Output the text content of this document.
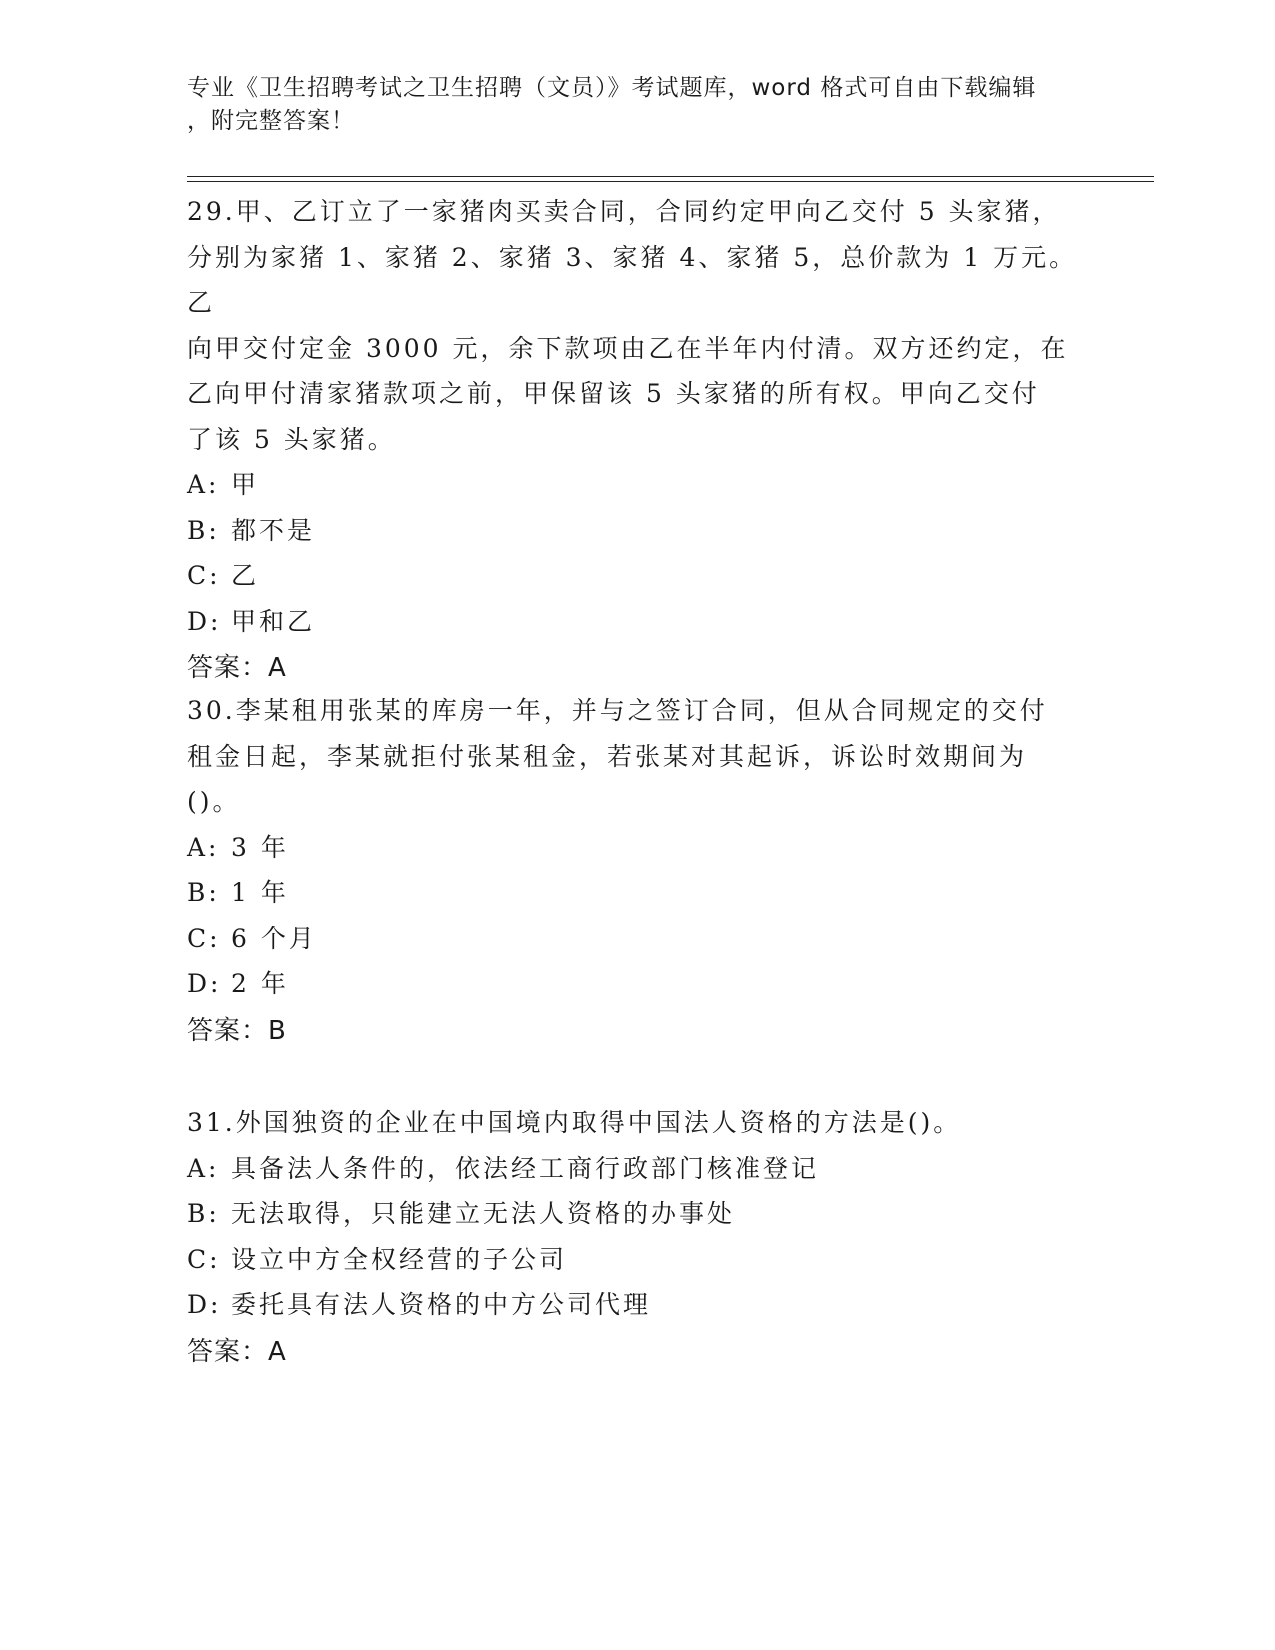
专业《卫生招聘考试之卫生招聘（文员）》考试题库，word 格式可自由下载编辑
，附完整答案！
29.甲、乙订立了一家猪肉买卖合同，合同约定甲向乙交付 5 头家猪，
分别为家猪 1、家猪 2、家猪 3、家猪 4、家猪 5，总价款为 1 万元。乙
向甲交付定金 3000 元，余下款项由乙在半年内付清。双方还约定，在
乙向甲付清家猪款项之前，甲保留该 5 头家猪的所有权。甲向乙交付
了该 5 头家猪。
A: 甲
B: 都不是
C: 乙
D: 甲和乙
答案：A
30.李某租用张某的库房一年，并与之签订合同，但从合同规定的交付
租金日起，李某就拒付张某租金，若张某对其起诉，诉讼时效期间为
()。
A: 3 年
B: 1 年
C: 6 个月
D: 2 年
答案：B
31.外国独资的企业在中国境内取得中国法人资格的方法是()。
A: 具备法人条件的，依法经工商行政部门核准登记
B: 无法取得，只能建立无法人资格的办事处
C: 设立中方全权经营的子公司
D: 委托具有法人资格的中方公司代理
答案：A
